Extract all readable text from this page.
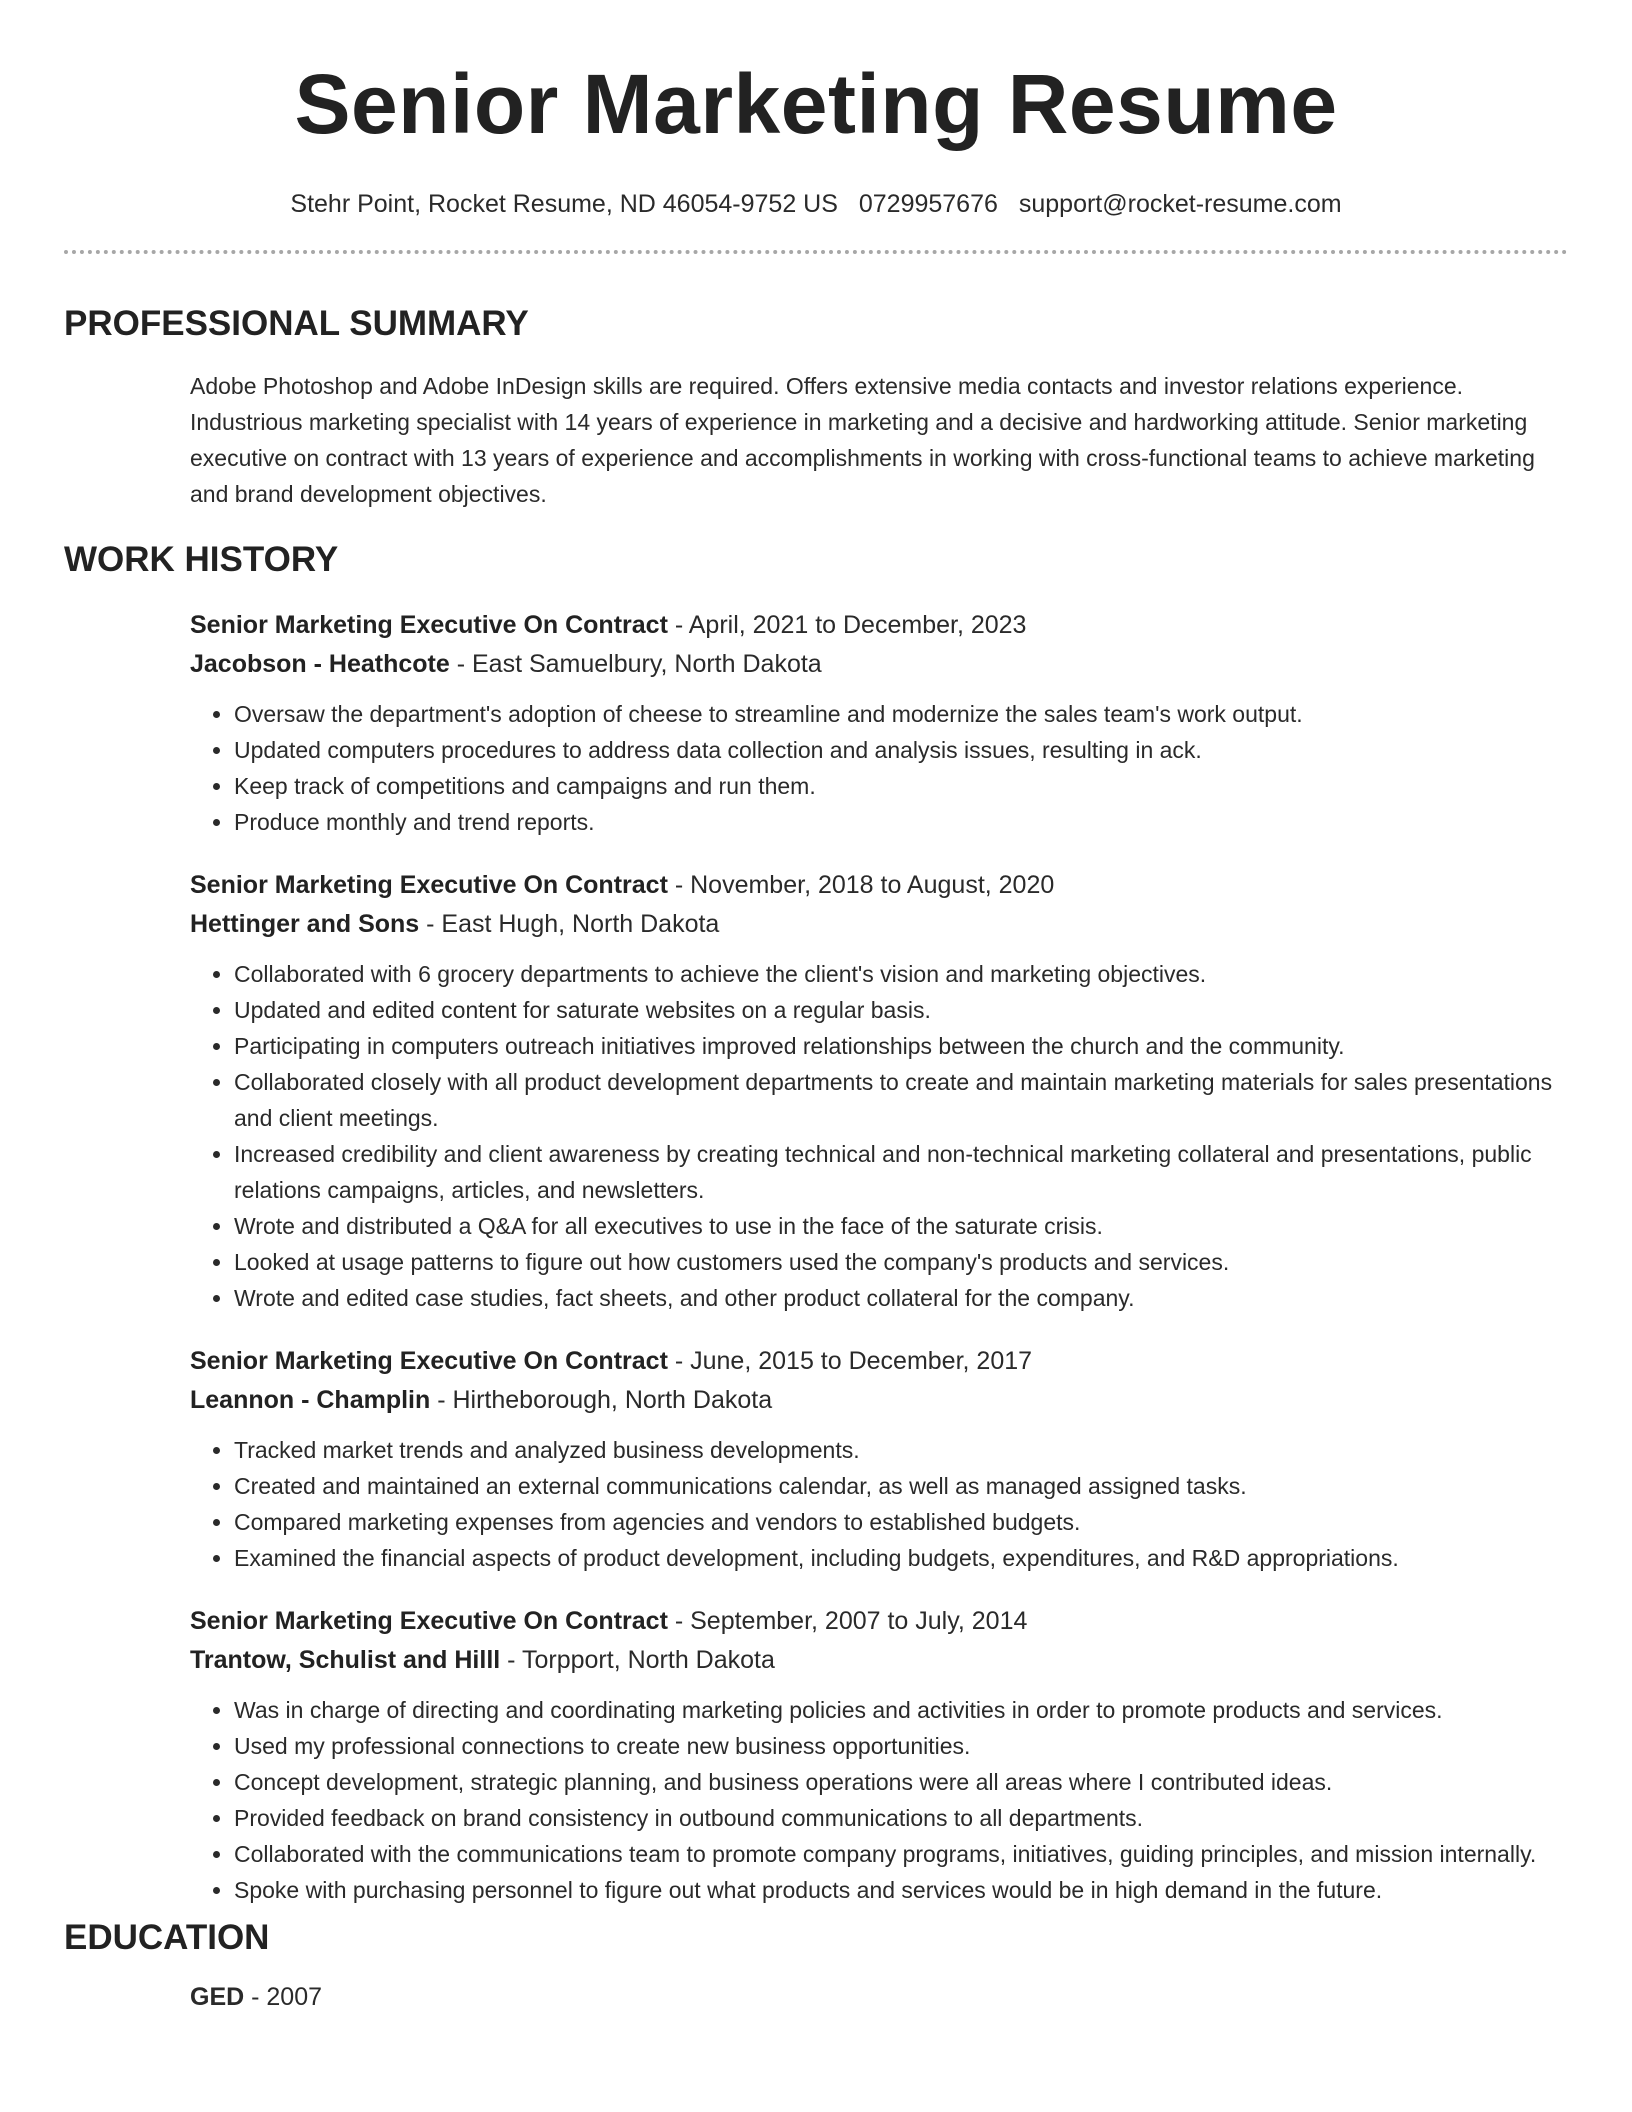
Senior Marketing Resume
Stehr Point, Rocket Resume, ND 46054-9752 US 0729957676 support@rocket-resume.com
PROFESSIONAL SUMMARY

Adobe Photoshop and Adobe InDesign skills are required. Offers extensive media contacts and investor relations experience. Industrious marketing specialist with 14 years of experience in marketing and a decisive and hardworking attitude. Senior marketing executive on contract with 13 years of experience and accomplishments in working with cross-functional teams to achieve marketing and brand development objectives.

WORK HISTORY
Senior Marketing Executive On Contract - April, 2021 to December, 2023
Jacobson - Heathcote - East Samuelbury, North Dakota
• Oversaw the department's adoption of cheese to streamline and modernize the sales team's work output.
• Updated computers procedures to address data collection and analysis issues, resulting in ack.
• Keep track of competitions and campaigns and run them.
• Produce monthly and trend reports.
Senior Marketing Executive On Contract - November, 2018 to August, 2020
Hettinger and Sons - East Hugh, North Dakota
• Collaborated with 6 grocery departments to achieve the client's vision and marketing objectives.
• Updated and edited content for saturate websites on a regular basis.
• Participating in computers outreach initiatives improved relationships between the church and the community.
• Collaborated closely with all product development departments to create and maintain marketing materials for sales presentations and client meetings.
• Increased credibility and client awareness by creating technical and non-technical marketing collateral and presentations, public relations campaigns, articles, and newsletters.
• Wrote and distributed a Q&A for all executives to use in the face of the saturate crisis.
• Looked at usage patterns to figure out how customers used the company's products and services.
• Wrote and edited case studies, fact sheets, and other product collateral for the company.
Senior Marketing Executive On Contract - June, 2015 to December, 2017
Leannon - Champlin - Hirtheborough, North Dakota
• Tracked market trends and analyzed business developments.
• Created and maintained an external communications calendar, as well as managed assigned tasks.
• Compared marketing expenses from agencies and vendors to established budgets.
• Examined the financial aspects of product development, including budgets, expenditures, and R&D appropriations.
Senior Marketing Executive On Contract - September, 2007 to July, 2014
Trantow, Schulist and Hilll - Torpport, North Dakota
• Was in charge of directing and coordinating marketing policies and activities in order to promote products and services.
• Used my professional connections to create new business opportunities.
• Concept development, strategic planning, and business operations were all areas where I contributed ideas.
• Provided feedback on brand consistency in outbound communications to all departments.
• Collaborated with the communications team to promote company programs, initiatives, guiding principles, and mission internally.
• Spoke with purchasing personnel to figure out what products and services would be in high demand in the future.
EDUCATION
GED - 2007
